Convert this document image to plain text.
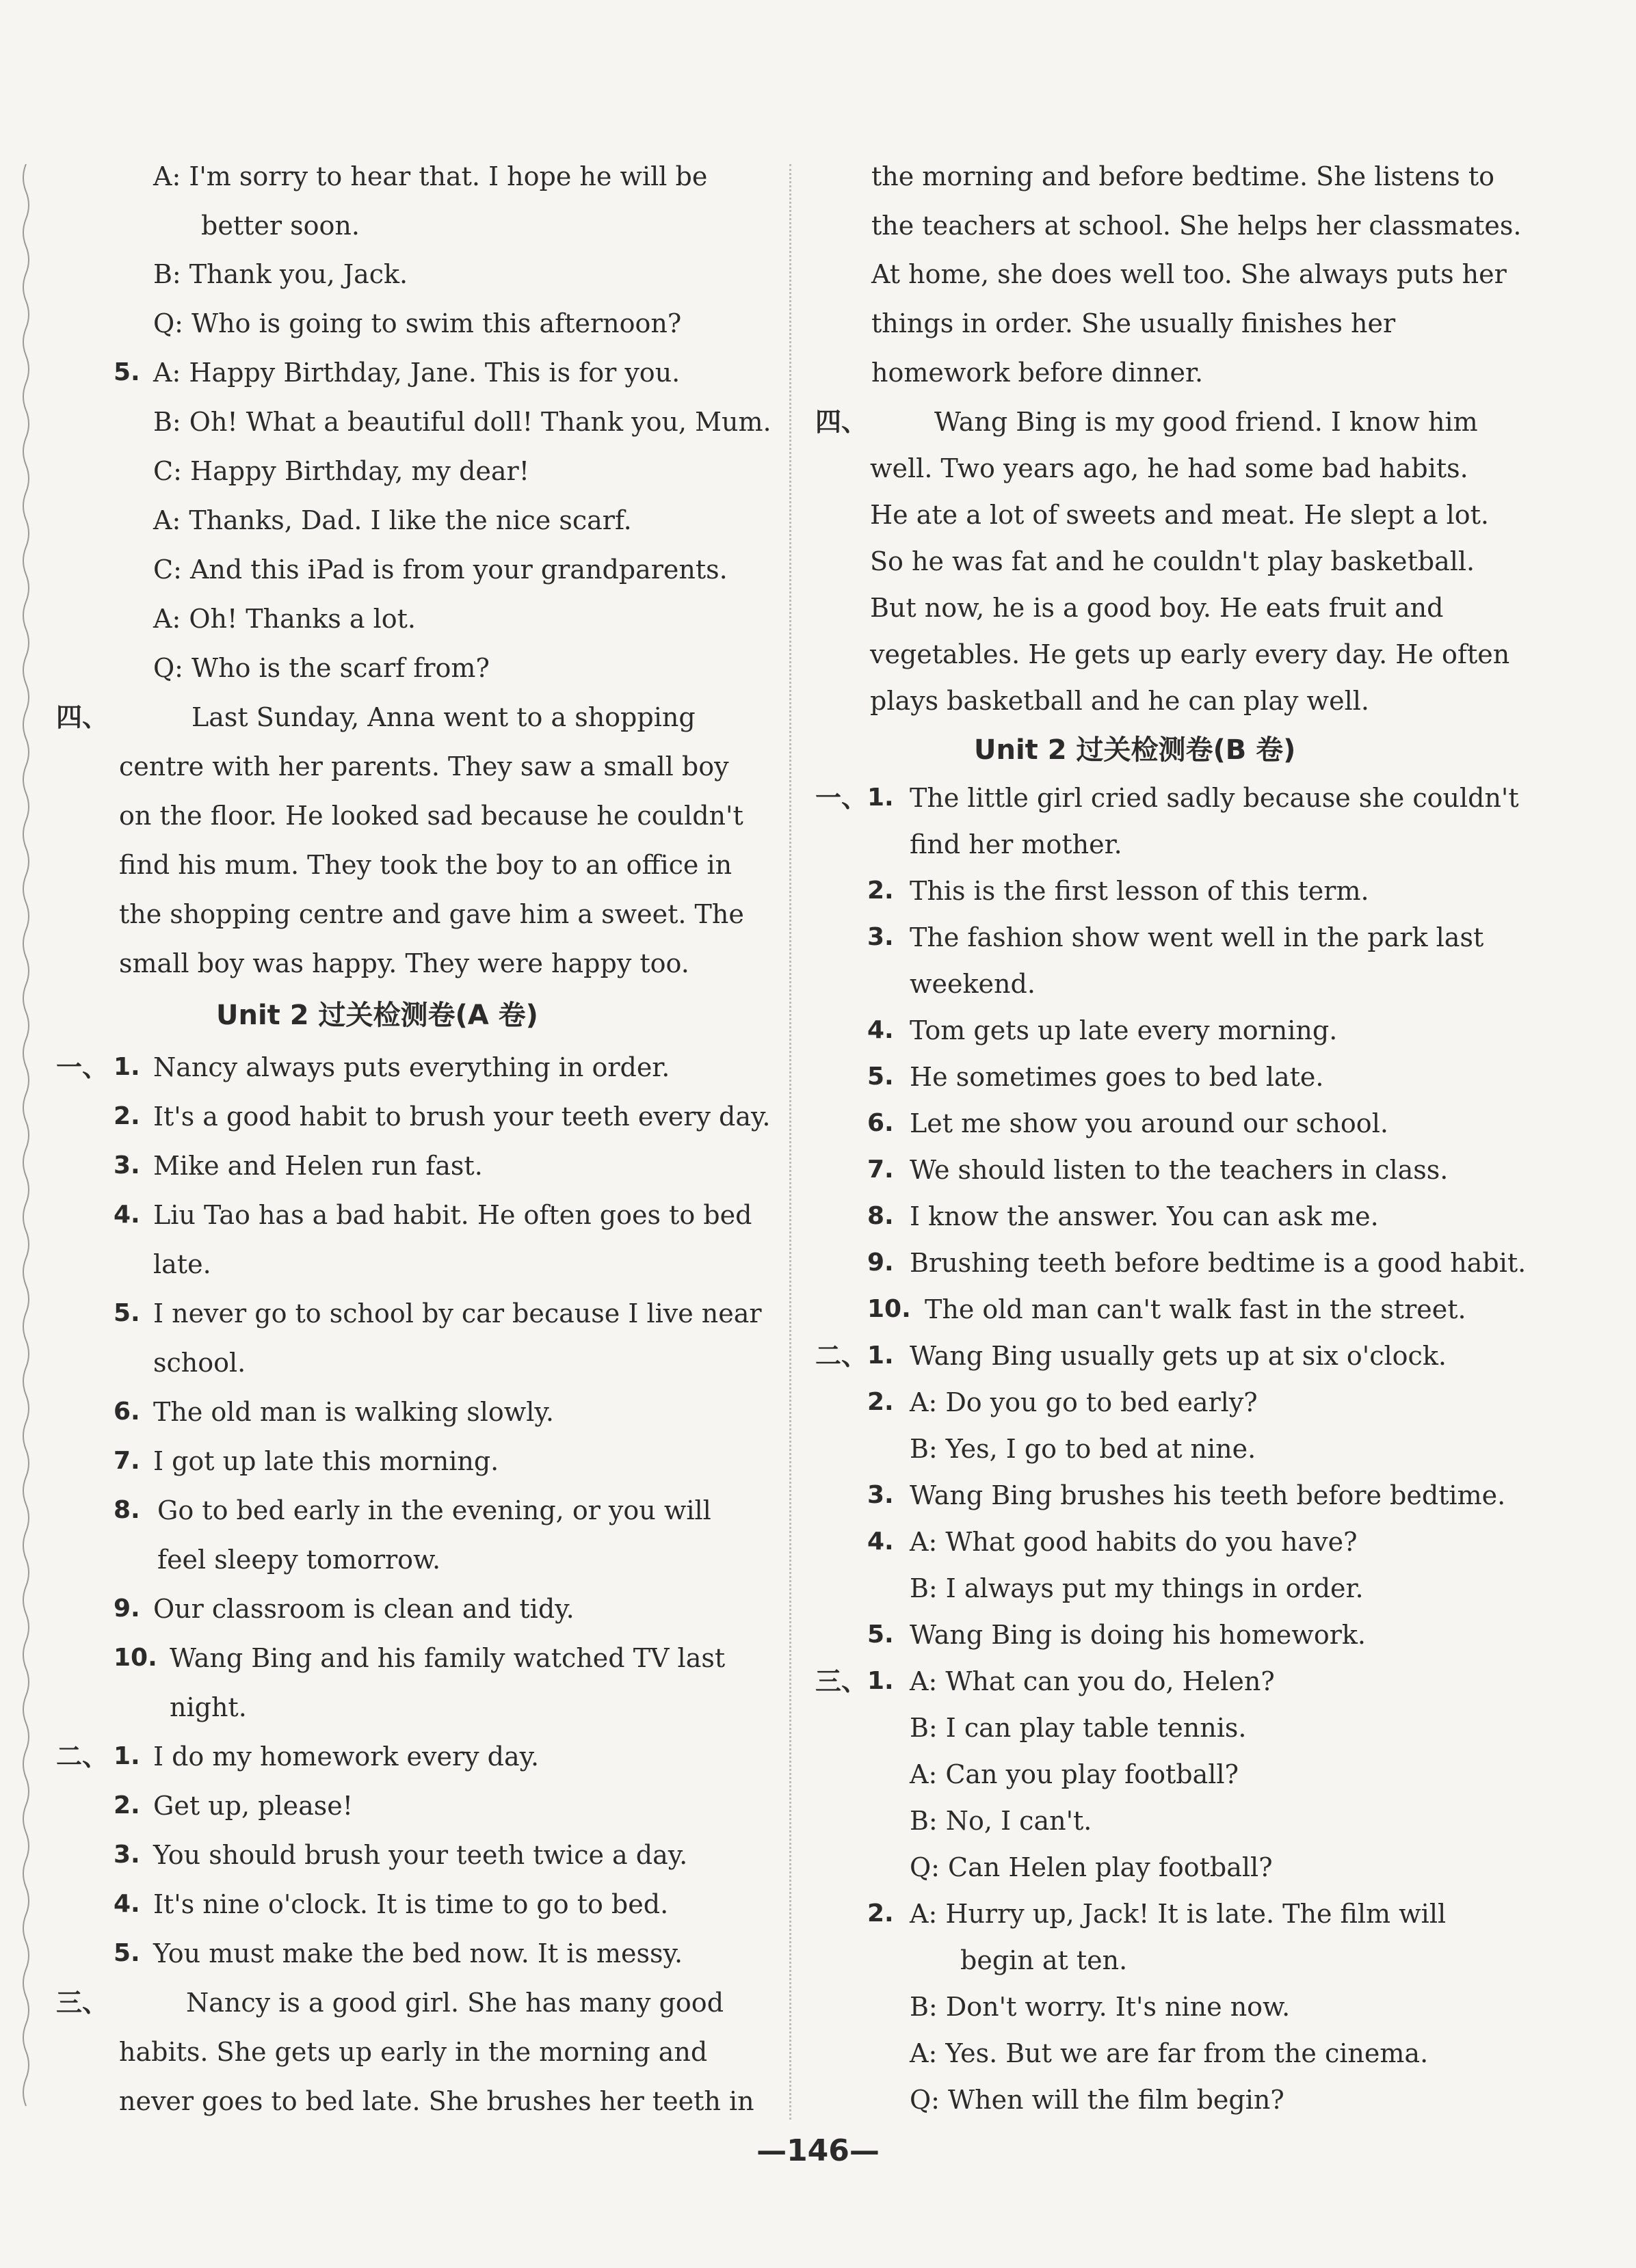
A: I'm sorry to hear that. I hope he will be
better soon.
B: Thank you, Jack.
Q: Who is going to swim this afternoon?
5. A: Happy Birthday, Jane. This is for you.
B: Oh! What a beautiful doll! Thank you, Mum.
C: Happy Birthday, my dear!
A: Thanks, Dad. I like the nice scarf.
C: And this iPad is from your grandparents.
A: Oh! Thanks a lot.
Q: Who is the scarf from?
四、	Last Sunday, Anna went to a shopping
centre with her parents. They saw a small boy
on the floor. He looked sad because he couldn't
find his mum. They took the boy to an office in
the shopping centre and gave him a sweet. The
small boy was happy. They were happy too.
Unit 2 过关检测卷(A 卷)
一、 1. Nancy always puts everything in order.
2. It's a good habit to brush your teeth every day.
3. Mike and Helen run fast.
4. Liu Tao has a bad habit. He often goes to bed
late.
5. I never go to school by car because I live near
school.
6. The old man is walking slowly.
7. I got up late this morning.
8. Go to bed early in the evening, or you will
feel sleepy tomorrow.
9. Our classroom is clean and tidy.
10. Wang Bing and his family watched TV last
night.
二、 1. I do my homework every day.
2. Get up, please!
3. You should brush your teeth twice a day.
4. It's nine o'clock. It is time to go to bed.
5. You must make the bed now. It is messy.
三、	Nancy is a good girl. She has many good
habits. She gets up early in the morning and
never goes to bed late. She brushes her teeth in
the morning and before bedtime. She listens to
the teachers at school. She helps her classmates.
At home, she does well too. She always puts her
things in order. She usually finishes her
homework before dinner.
四、	Wang Bing is my good friend. I know him
well. Two years ago, he had some bad habits.
He ate a lot of sweets and meat. He slept a lot.
So he was fat and he couldn't play basketball.
But now, he is a good boy. He eats fruit and
vegetables. He gets up early every day. He often
plays basketball and he can play well.
Unit 2 过关检测卷(B 卷)
一、 1. The little girl cried sadly because she couldn't
find her mother.
2. This is the first lesson of this term.
3. The fashion show went well in the park last
weekend.
4. Tom gets up late every morning.
5. He sometimes goes to bed late.
6. Let me show you around our school.
7. We should listen to the teachers in class.
8. I know the answer. You can ask me.
9. Brushing teeth before bedtime is a good habit.
10. The old man can't walk fast in the street.
二、 1. Wang Bing usually gets up at six o'clock.
2. A: Do you go to bed early?
B: Yes, I go to bed at nine.
3. Wang Bing brushes his teeth before bedtime.
4. A: What good habits do you have?
B: I always put my things in order.
5. Wang Bing is doing his homework.
三、 1. A: What can you do, Helen?
B: I can play table tennis.
A: Can you play football?
B: No, I can't.
Q: Can Helen play football?
2. A: Hurry up, Jack! It is late. The film will
begin at ten.
B: Don't worry. It's nine now.
A: Yes. But we are far from the cinema.
Q: When will the film begin?
—146—
